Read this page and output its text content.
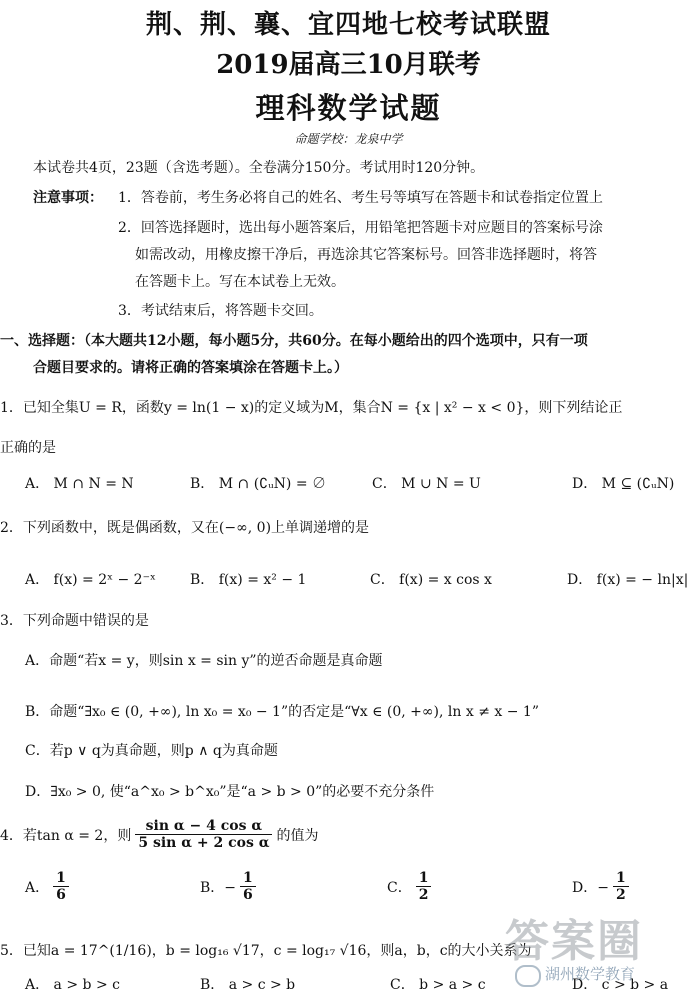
荆、荆、襄、宜四地七校考试联盟
2019届高三10月联考
理科数学试题
命题学校：龙泉中学
本试卷共4页，23题（含选考题）。全卷满分150分。考试用时120分钟。
注意事项： 1．答卷前，考生务必将自己的姓名、考生号等填写在答题卡和试卷指定位置上
2．回答选择题时，选出每小题答案后，用铅笔把答题卡对应题目的答案标号涂
如需改动，用橡皮擦干净后，再选涂其它答案标号。回答非选择题时，将答
在答题卡上。写在本试卷上无效。
3．考试结束后，将答题卡交回。
一、选择题：（本大题共12小题，每小题5分，共60分。在每小题给出的四个选项中，只有一项
合题目要求的。请将正确的答案填涂在答题卡上。）
1．已知全集U = R，函数y = ln(1 − x)的定义域为M，集合N = {x | x² − x < 0}，则下列结论正
正确的是
A． M ∩ N = N	B． M ∩ (∁ᵤN) = ∅	C． M ∪ N = U	D． M ⊆ (∁ᵤN)
2．下列函数中，既是偶函数，又在(−∞, 0)上单调递增的是
A． f(x) = 2ˣ − 2⁻ˣ B． f(x) = x² − 1	C． f(x) = x cos x	D． f(x) = − ln|x|
3．下列命题中错误的是
A．命题“若x = y，则sin x = sin y”的逆否命题是真命题
B．命题“∃x₀ ∈ (0, +∞), ln x₀ = x₀ − 1”的否定是“∀x ∈ (0, +∞), ln x ≠ x − 1”
C．若p ∨ q为真命题，则p ∧ q为真命题
D．∃x₀ > 0, 使“a^x₀ > b^x₀”是“a > b > 0”的必要不充分条件
4．若tan α = 2，则 $\frac{\text{sin α − 4 cos α}}{\text{5 sin α + 2 cos α}}$ 的值为
A． $\frac{1}{6}$	B．− $\frac{1}{6}$	C． $\frac{1}{2}$	D．− $\frac{1}{2}$
5．已知a = 17^(1/16)，b = log₁₆ √17，c = log₁₇ √16，则a，b，c的大小关系为
A． a > b > c	B． a > c > b	C． b > a > c	D． c > b > a
答案圈
湖州数学教育
